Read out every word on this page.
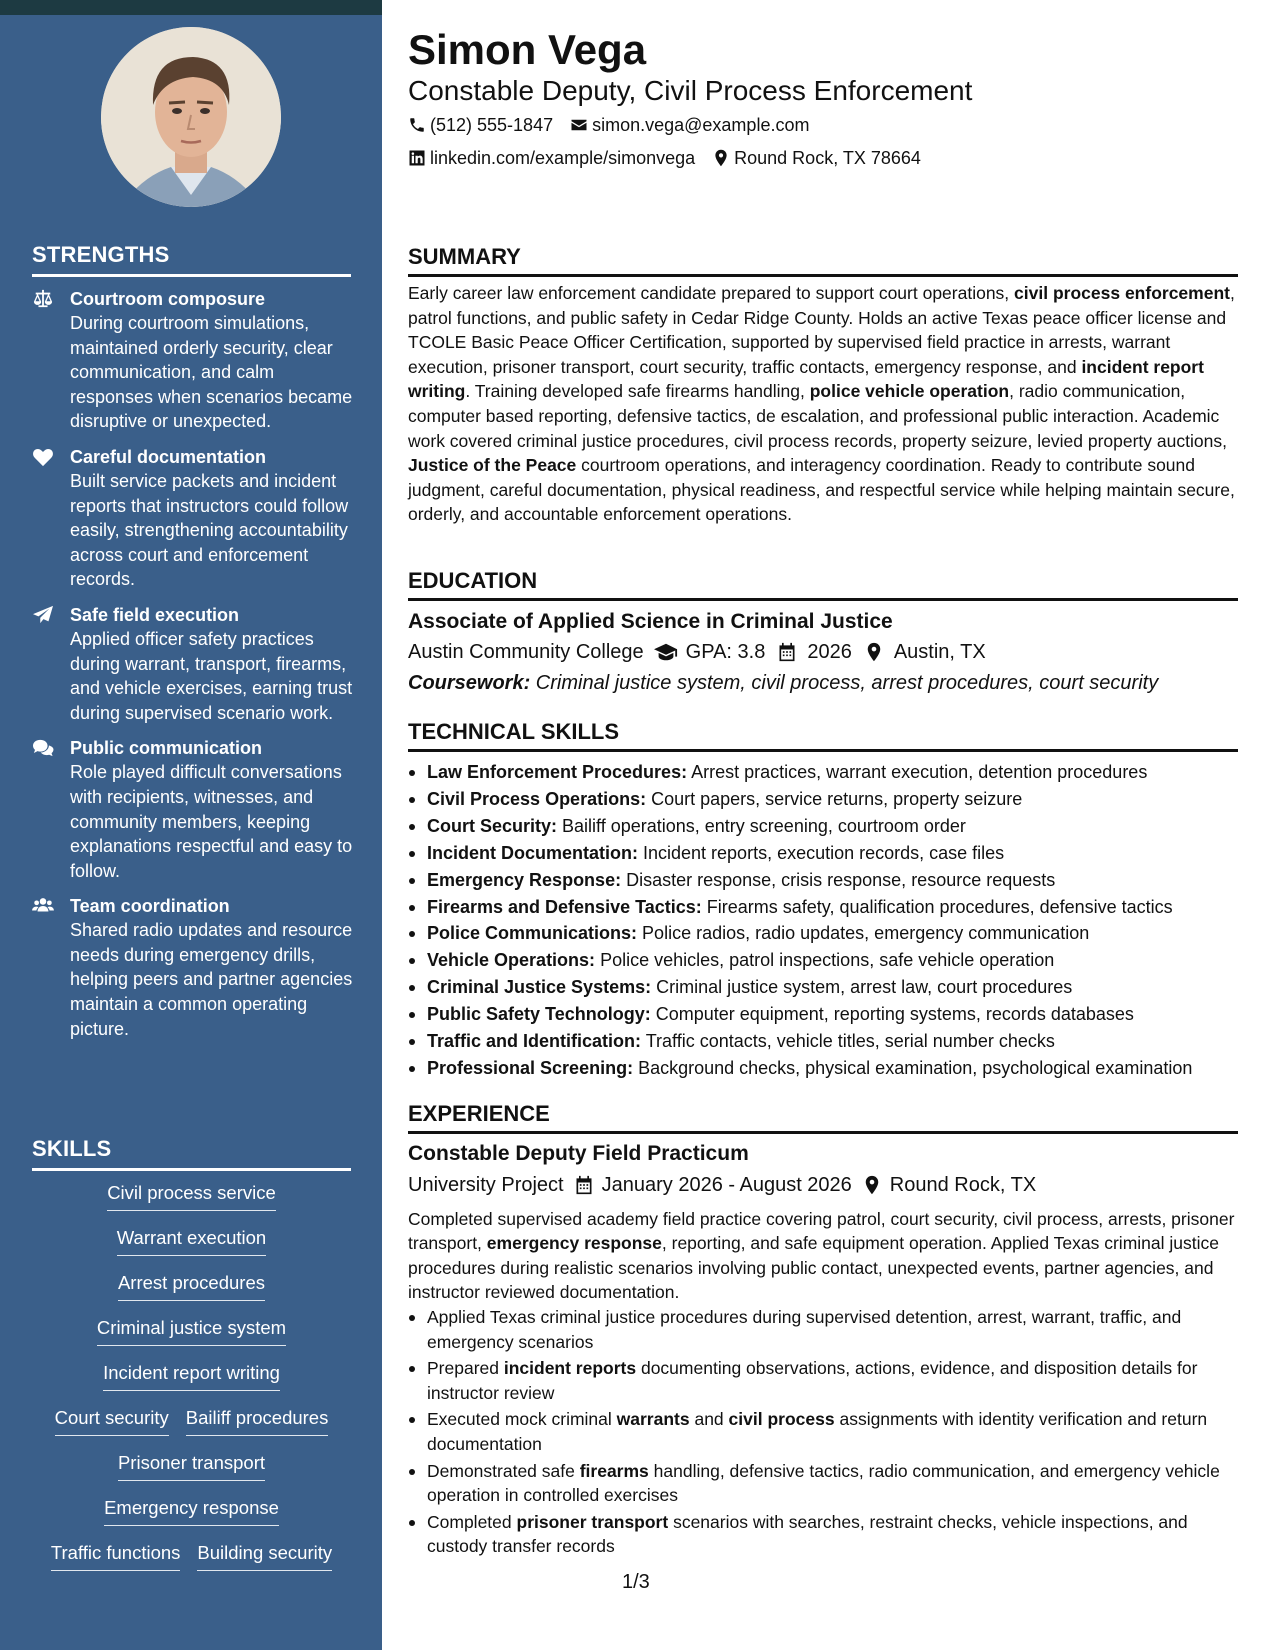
STRENGTHS
Courtroom composure
During courtroom simulations, maintained orderly security, clear communication, and calm responses when scenarios became disruptive or unexpected.
Careful documentation
Built service packets and incident reports that instructors could follow easily, strengthening accountability across court and enforcement records.
Safe field execution
Applied officer safety practices during warrant, transport, firearms, and vehicle exercises, earning trust during supervised scenario work.
Public communication
Role played difficult conversations with recipients, witnesses, and community members, keeping explanations respectful and easy to follow.
Team coordination
Shared radio updates and resource needs during emergency drills, helping peers and partner agencies maintain a common operating picture.
SKILLS
Civil process service
Warrant execution
Arrest procedures
Criminal justice system
Incident report writing
Court security Bailiff procedures
Prisoner transport
Emergency response
Traffic functions Building security
Simon Vega
Constable Deputy, Civil Process Enforcement
(512) 555-1847 simon.vega@example.com
linkedin.com/example/simonvega Round Rock, TX 78664
SUMMARY

Early career law enforcement candidate prepared to support court operations, civil process enforcement, patrol functions, and public safety in Cedar Ridge County. Holds an active Texas peace officer license and TCOLE Basic Peace Officer Certification, supported by supervised field practice in arrests, warrant execution, prisoner transport, court security, traffic contacts, emergency response, and incident report writing. Training developed safe firearms handling, police vehicle operation, radio communication, computer based reporting, defensive tactics, de escalation, and professional public interaction. Academic work covered criminal justice procedures, civil process records, property seizure, levied property auctions, Justice of the Peace courtroom operations, and interagency coordination. Ready to contribute sound judgment, careful documentation, physical readiness, and respectful service while helping maintain secure, orderly, and accountable enforcement operations.

EDUCATION
Associate of Applied Science in Criminal Justice
Austin Community College GPA: 3.8 2026 Austin, TX
Coursework: Criminal justice system, civil process, arrest procedures, court security
TECHNICAL SKILLS
Law Enforcement Procedures: Arrest practices, warrant execution, detention procedures
Civil Process Operations: Court papers, service returns, property seizure
Court Security: Bailiff operations, entry screening, courtroom order
Incident Documentation: Incident reports, execution records, case files
Emergency Response: Disaster response, crisis response, resource requests
Firearms and Defensive Tactics: Firearms safety, qualification procedures, defensive tactics
Police Communications: Police radios, radio updates, emergency communication
Vehicle Operations: Police vehicles, patrol inspections, safe vehicle operation
Criminal Justice Systems: Criminal justice system, arrest law, court procedures
Public Safety Technology: Computer equipment, reporting systems, records databases
Traffic and Identification: Traffic contacts, vehicle titles, serial number checks
Professional Screening: Background checks, physical examination, psychological examination
EXPERIENCE
Constable Deputy Field Practicum
University Project January 2026 - August 2026 Round Rock, TX

Completed supervised academy field practice covering patrol, court security, civil process, arrests, prisoner transport, emergency response, reporting, and safe equipment operation. Applied Texas criminal justice procedures during realistic scenarios involving public contact, unexpected events, partner agencies, and instructor reviewed documentation.

Applied Texas criminal justice procedures during supervised detention, arrest, warrant, traffic, and emergency scenarios
Prepared incident reports documenting observations, actions, evidence, and disposition details for instructor review
Executed mock criminal warrants and civil process assignments with identity verification and return documentation
Demonstrated safe firearms handling, defensive tactics, radio communication, and emergency vehicle operation in controlled exercises
Completed prisoner transport scenarios with searches, restraint checks, vehicle inspections, and custody transfer records
1/3
